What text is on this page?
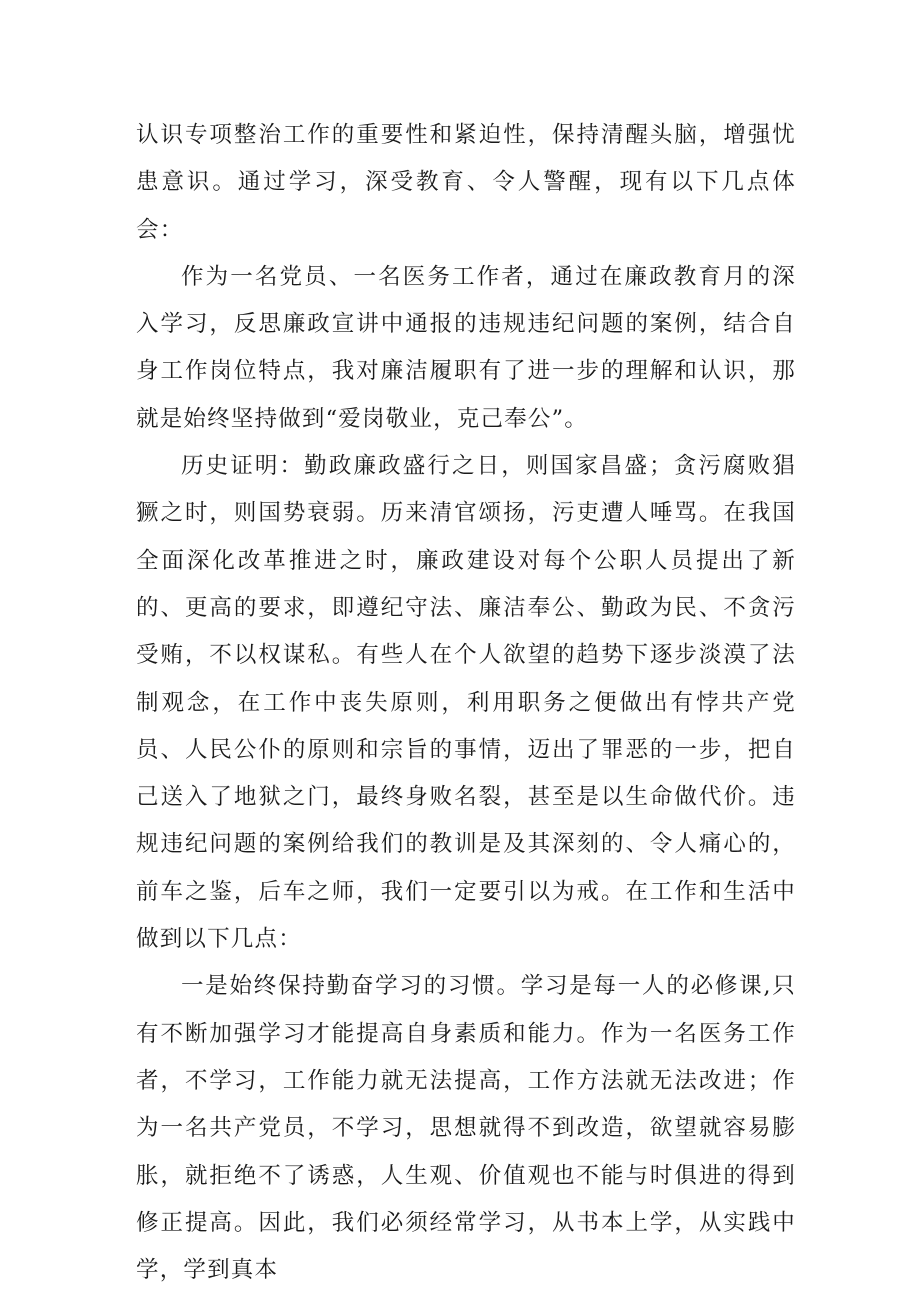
认识专项整治工作的重要性和紧迫性，保持清醒头脑，增强忧患意识。通过学习，深受教育、令人警醒，现有以下几点体会：

作为一名党员、一名医务工作者，通过在廉政教育月的深入学习，反思廉政宣讲中通报的违规违纪问题的案例，结合自身工作岗位特点，我对廉洁履职有了进一步的理解和认识，那就是始终坚持做到“爱岗敬业，克己奉公”。

历史证明：勤政廉政盛行之日，则国家昌盛；贪污腐败猖獗之时，则国势衰弱。历来清官颂扬，污吏遭人唾骂。在我国全面深化改革推进之时，廉政建设对每个公职人员提出了新的、更高的要求，即遵纪守法、廉洁奉公、勤政为民、不贪污受贿，不以权谋私。有些人在个人欲望的趋势下逐步淡漠了法制观念，在工作中丧失原则，利用职务之便做出有悖共产党员、人民公仆的原则和宗旨的事情，迈出了罪恶的一步，把自己送入了地狱之门，最终身败名裂，甚至是以生命做代价。违规违纪问题的案例给我们的教训是及其深刻的、令人痛心的，前车之鉴，后车之师，我们一定要引以为戒。在工作和生活中做到以下几点：

一是始终保持勤奋学习的习惯。学习是每一人的必修课,只有不断加强学习才能提高自身素质和能力。作为一名医务工作者，不学习，工作能力就无法提高，工作方法就无法改进；作为一名共产党员，不学习，思想就得不到改造，欲望就容易膨胀，就拒绝不了诱惑，人生观、价值观也不能与时俱进的得到修正提高。因此，我们必须经常学习，从书本上学，从实践中学，学到真本
